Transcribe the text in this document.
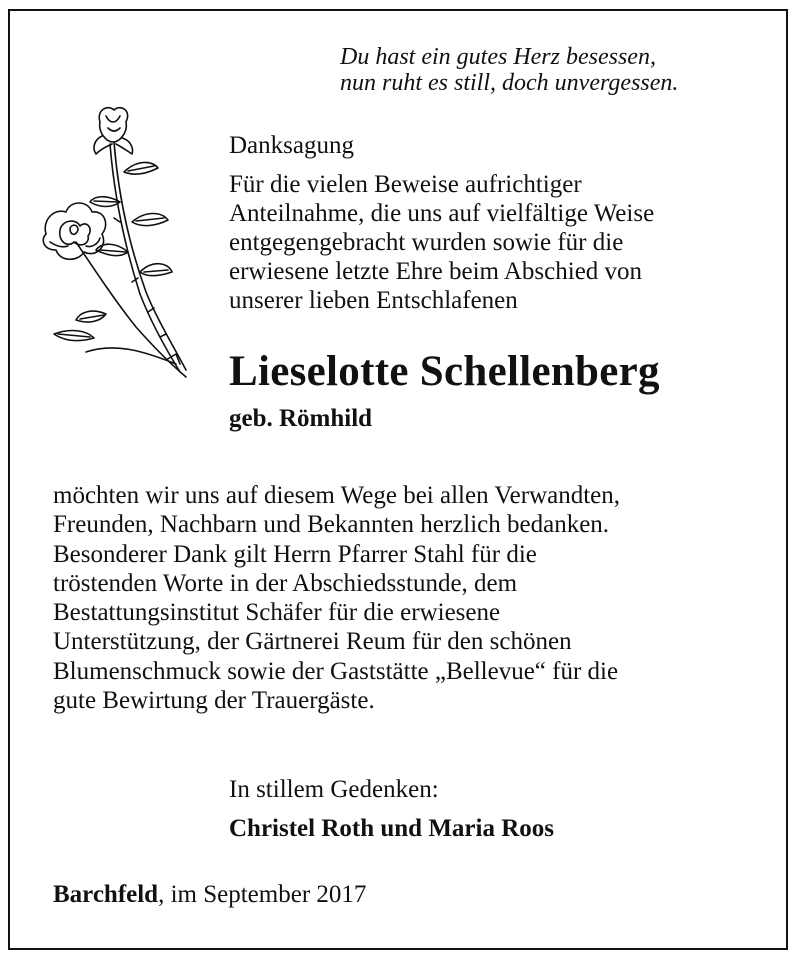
Du hast ein gutes Herz besessen,
nun ruht es still, doch unvergessen.
Danksagung
Für die vielen Beweise aufrichtiger
Anteilnahme, die uns auf vielfältige Weise
entgegengebracht wurden sowie für die
erwiesene letzte Ehre beim Abschied von
unserer lieben Entschlafenen
Lieselotte Schellenberg
geb. Römhild
möchten wir uns auf diesem Wege bei allen Verwandten,
Freunden, Nachbarn und Bekannten herzlich bedanken.
Besonderer Dank gilt Herrn Pfarrer Stahl für die
tröstenden Worte in der Abschiedsstunde, dem
Bestattungsinstitut Schäfer für die erwiesene
Unterstützung, der Gärtnerei Reum für den schönen
Blumenschmuck sowie der Gaststätte „Bellevue“ für die
gute Bewirtung der Trauergäste.
In stillem Gedenken:
Christel Roth und Maria Roos
Barchfeld, im September 2017
